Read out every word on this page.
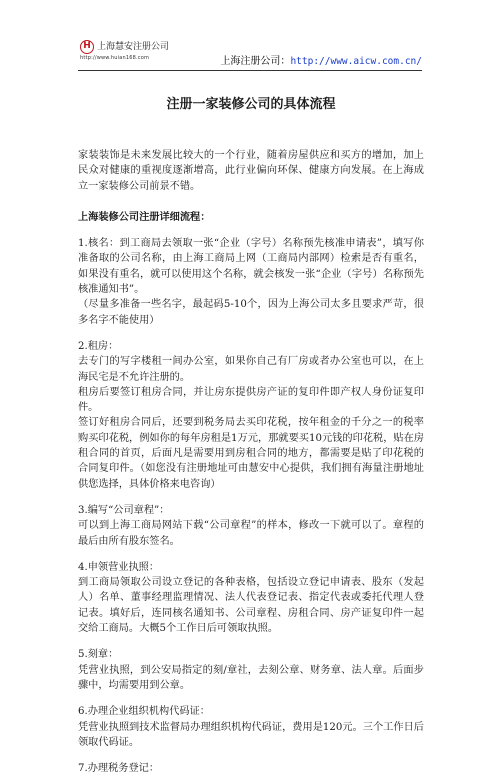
H 上海慧安注册公司
http://www.huian168.com	上海注册公司：http://www.aicw.com.cn/
注册一家装修公司的具体流程

家装装饰是未来发展比较大的一个行业，随着房屋供应和买方的增加，加上民众对健康的重视度逐渐增高，此行业偏向环保、健康方向发展。在上海成立一家装修公司前景不错。

上海装修公司注册详细流程：

1.核名：到工商局去领取一张“企业（字号）名称预先核准申请表”，填写你准备取的公司名称，由上海工商局上网（工商局内部网）检索是否有重名，如果没有重名，就可以使用这个名称，就会核发一张“企业（字号）名称预先核准通知书”。

（尽量多准备一些名字，最起码5-10个，因为上海公司太多且要求严苛，很多名字不能使用）

2.租房：

去专门的写字楼租一间办公室，如果你自己有厂房或者办公室也可以，在上海民宅是不允许注册的。

租房后要签订租房合同，并让房东提供房产证的复印件即产权人身份证复印件。

签订好租房合同后，还要到税务局去买印花税，按年租金的千分之一的税率购买印花税，例如你的每年房租是1万元，那就要买10元钱的印花税，贴在房租合同的首页，后面凡是需要用到房租合同的地方，都需要是贴了印花税的合同复印件。（如您没有注册地址可由慧安中心提供，我们拥有海量注册地址供您选择，具体价格来电咨询）

3.编写“公司章程”：

可以到上海工商局网站下载“公司章程”的样本，修改一下就可以了。章程的最后由所有股东签名。

4.申领营业执照：

到工商局领取公司设立登记的各种表格，包括设立登记申请表、股东（发起人）名单、董事经理监理情况、法人代表登记表、指定代表或委托代理人登记表。填好后，连同核名通知书、公司章程、房租合同、房产证复印件一起交给工商局。大概5个工作日后可领取执照。

5.刻章：

凭营业执照，到公安局指定的刻/章社，去刻公章、财务章、法人章。后面步骤中，均需要用到公章。

6.办理企业组织机构代码证：

凭营业执照到技术监督局办理组织机构代码证，费用是120元。三个工作日后领取代码证。

7.办理税务登记：
